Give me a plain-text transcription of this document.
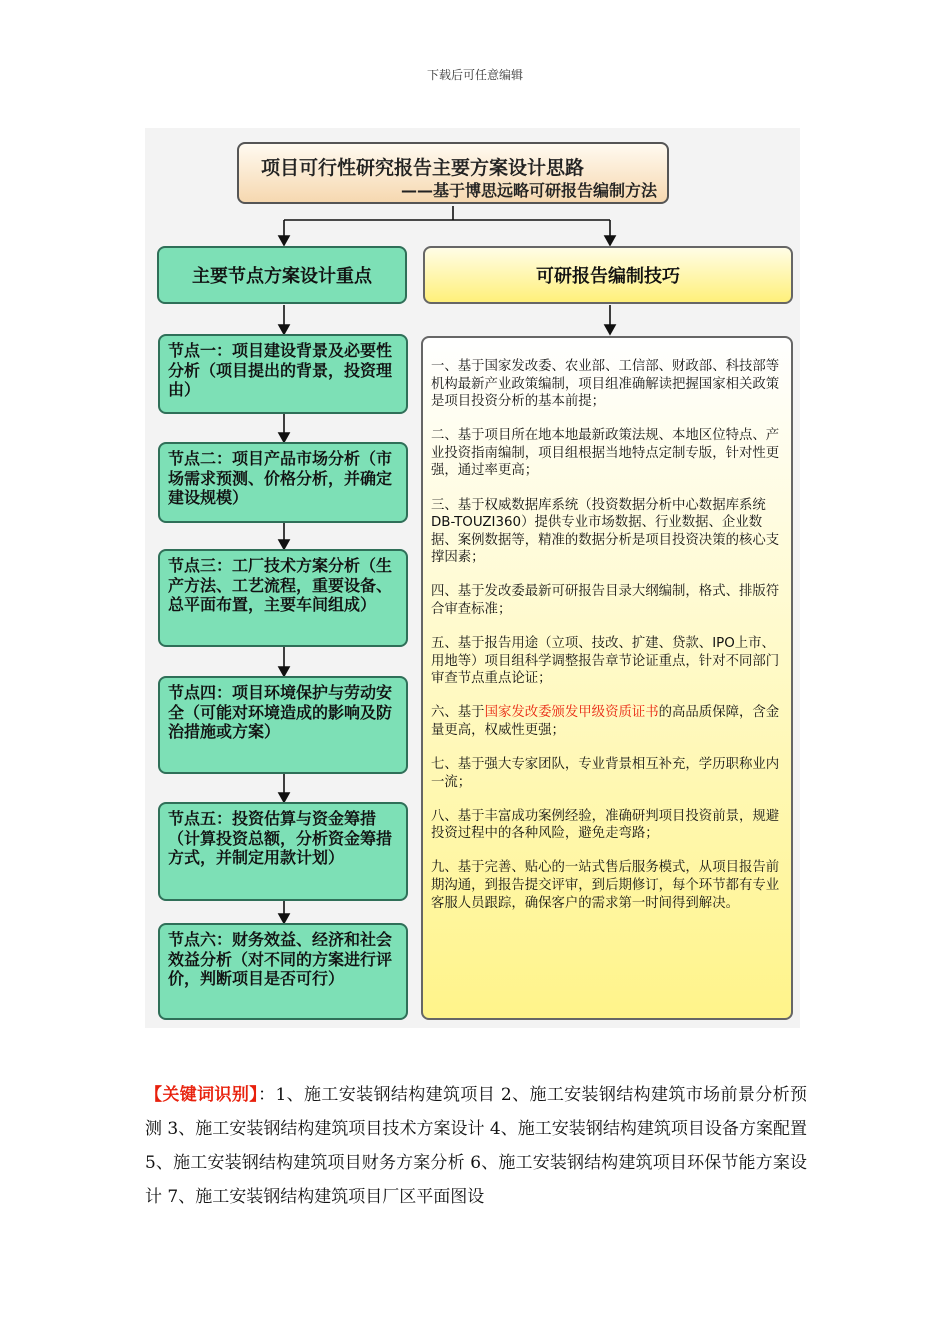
下载后可任意编辑
项目可行性研究报告主要方案设计思路
——基于博思远略可研报告编制方法
主要节点方案设计重点	可研报告编制技巧
节点一：项目建设背景及必要性分析（项目提出的背景，投资理由）
节点二：项目产品市场分析（市场需求预测、价格分析，并确定建设规模）
节点三：工厂技术方案分析（生产方法、工艺流程，重要设备、总平面布置，主要车间组成）
节点四：项目环境保护与劳动安全（可能对环境造成的影响及防治措施或方案）
节点五：投资估算与资金筹措（计算投资总额，分析资金筹措方式，并制定用款计划）
节点六：财务效益、经济和社会效益分析（对不同的方案进行评价，判断项目是否可行）

一、基于国家发改委、农业部、工信部、财政部、科技部等机构最新产业政策编制，项目组准确解读把握国家相关政策是项目投资分析的基本前提；

二、基于项目所在地本地最新政策法规、本地区位特点、产业投资指南编制，项目组根据当地特点定制专版，针对性更强，通过率更高；

三、基于权威数据库系统（投资数据分析中心数据库系统DB-TOUZI360）提供专业市场数据、行业数据、企业数据、案例数据等，精准的数据分析是项目投资决策的核心支撑因素；

四、基于发改委最新可研报告目录大纲编制，格式、排版符合审查标准；

五、基于报告用途（立项、技改、扩建、贷款、IPO上市、用地等）项目组科学调整报告章节论证重点，针对不同部门审查节点重点论证；

六、基于国家发改委颁发甲级资质证书的高品质保障，含金量更高，权威性更强；

七、基于强大专家团队，专业背景相互补充，学历职称业内一流；

八、基于丰富成功案例经验，准确研判项目投资前景，规避投资过程中的各种风险，避免走弯路；

九、基于完善、贴心的一站式售后服务模式，从项目报告前期沟通，到报告提交评审，到后期修订，每个环节都有专业客服人员跟踪，确保客户的需求第一时间得到解决。

【关键词识别】：1、施工安装钢结构建筑项目 2、施工安装钢结构建筑市场前景分析预测 3、施工安装钢结构建筑项目技术方案设计 4、施工安装钢结构建筑项目设备方案配置 5、施工安装钢结构建筑项目财务方案分析 6、施工安装钢结构建筑项目环保节能方案设计 7、施工安装钢结构建筑项目厂区平面图设
